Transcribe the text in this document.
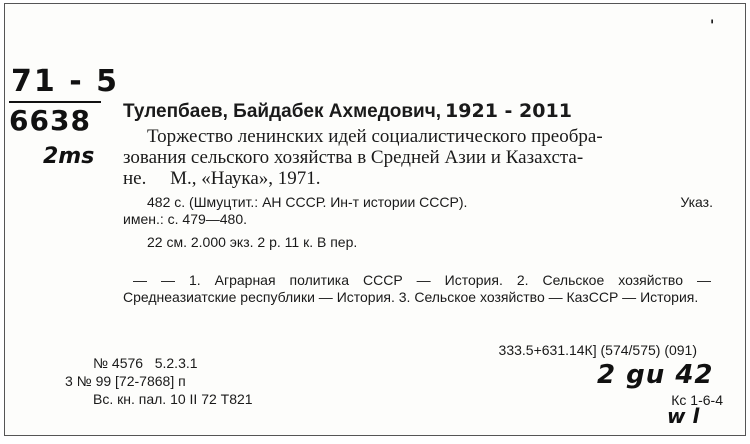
'
71 - 5
6638
2ms
Тулепбаев, Байдабек Ахмедович, 1921 - 2011
Торжество ленинских идей социалистического преобра-
зования сельского хозяйства в Средней Азии и Казахста-
не.     М., «Наука», 1971.
482 с. (Шмуцтит.: АН СССР. Ин-т истории СССР).	Указ.
имен.: с. 479—480.
22 см. 2.000 экз. 2 р. 11 к. В пер.
— — 1. Аграрная политика СССР — История. 2. Сельское хозяйство — Среднеазиатские республики — История. 3. Сельское хозяйство — КазССР — История.
333.5+631.14К] (574/575) (091)
№ 4576   5.2.3.1
3 № 99 [72-7868] п
Вс. кн. пал. 10 II 72 Т821
2 gu 42
Кс 1-6-4
w l
